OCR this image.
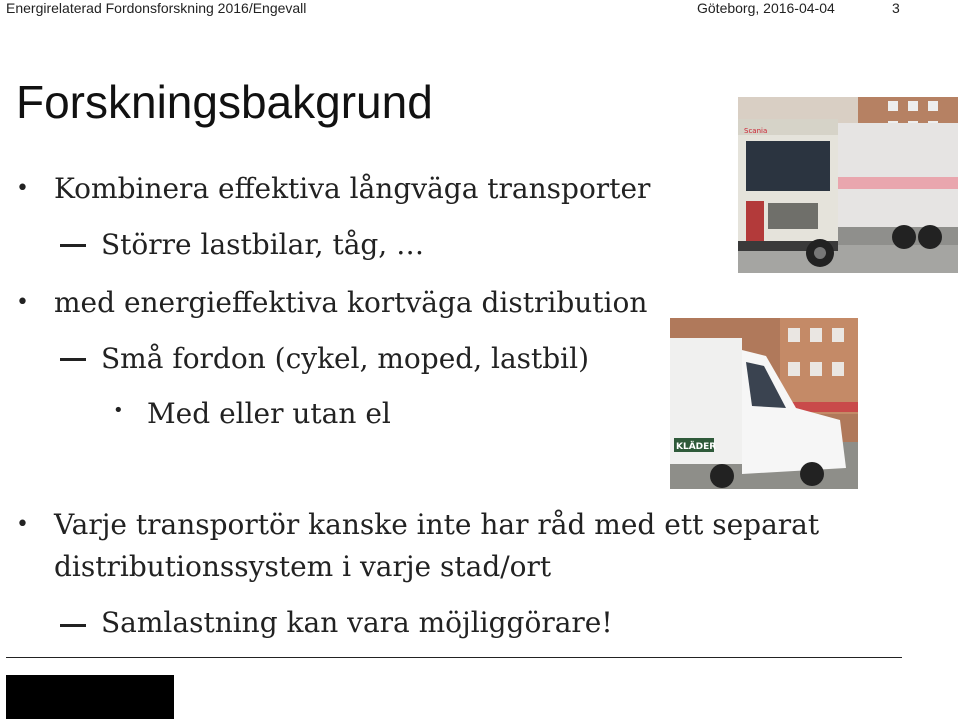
Energirelaterad Fordonsforskning 2016/Engevall	Göteborg, 2016-04-04	3
Forskningsbakgrund
• Kombinera effektiva långväga transporter
Större lastbilar, tåg, …
• med energieffektiva kortväga distribution
Små fordon (cykel, moped, lastbil)
• Med eller utan el
• Varje transportör kanske inte har råd med ett separat
distributionssystem i varje stad/ort
Samlastning kan vara möjliggörare!
Scania
KLÄDER
